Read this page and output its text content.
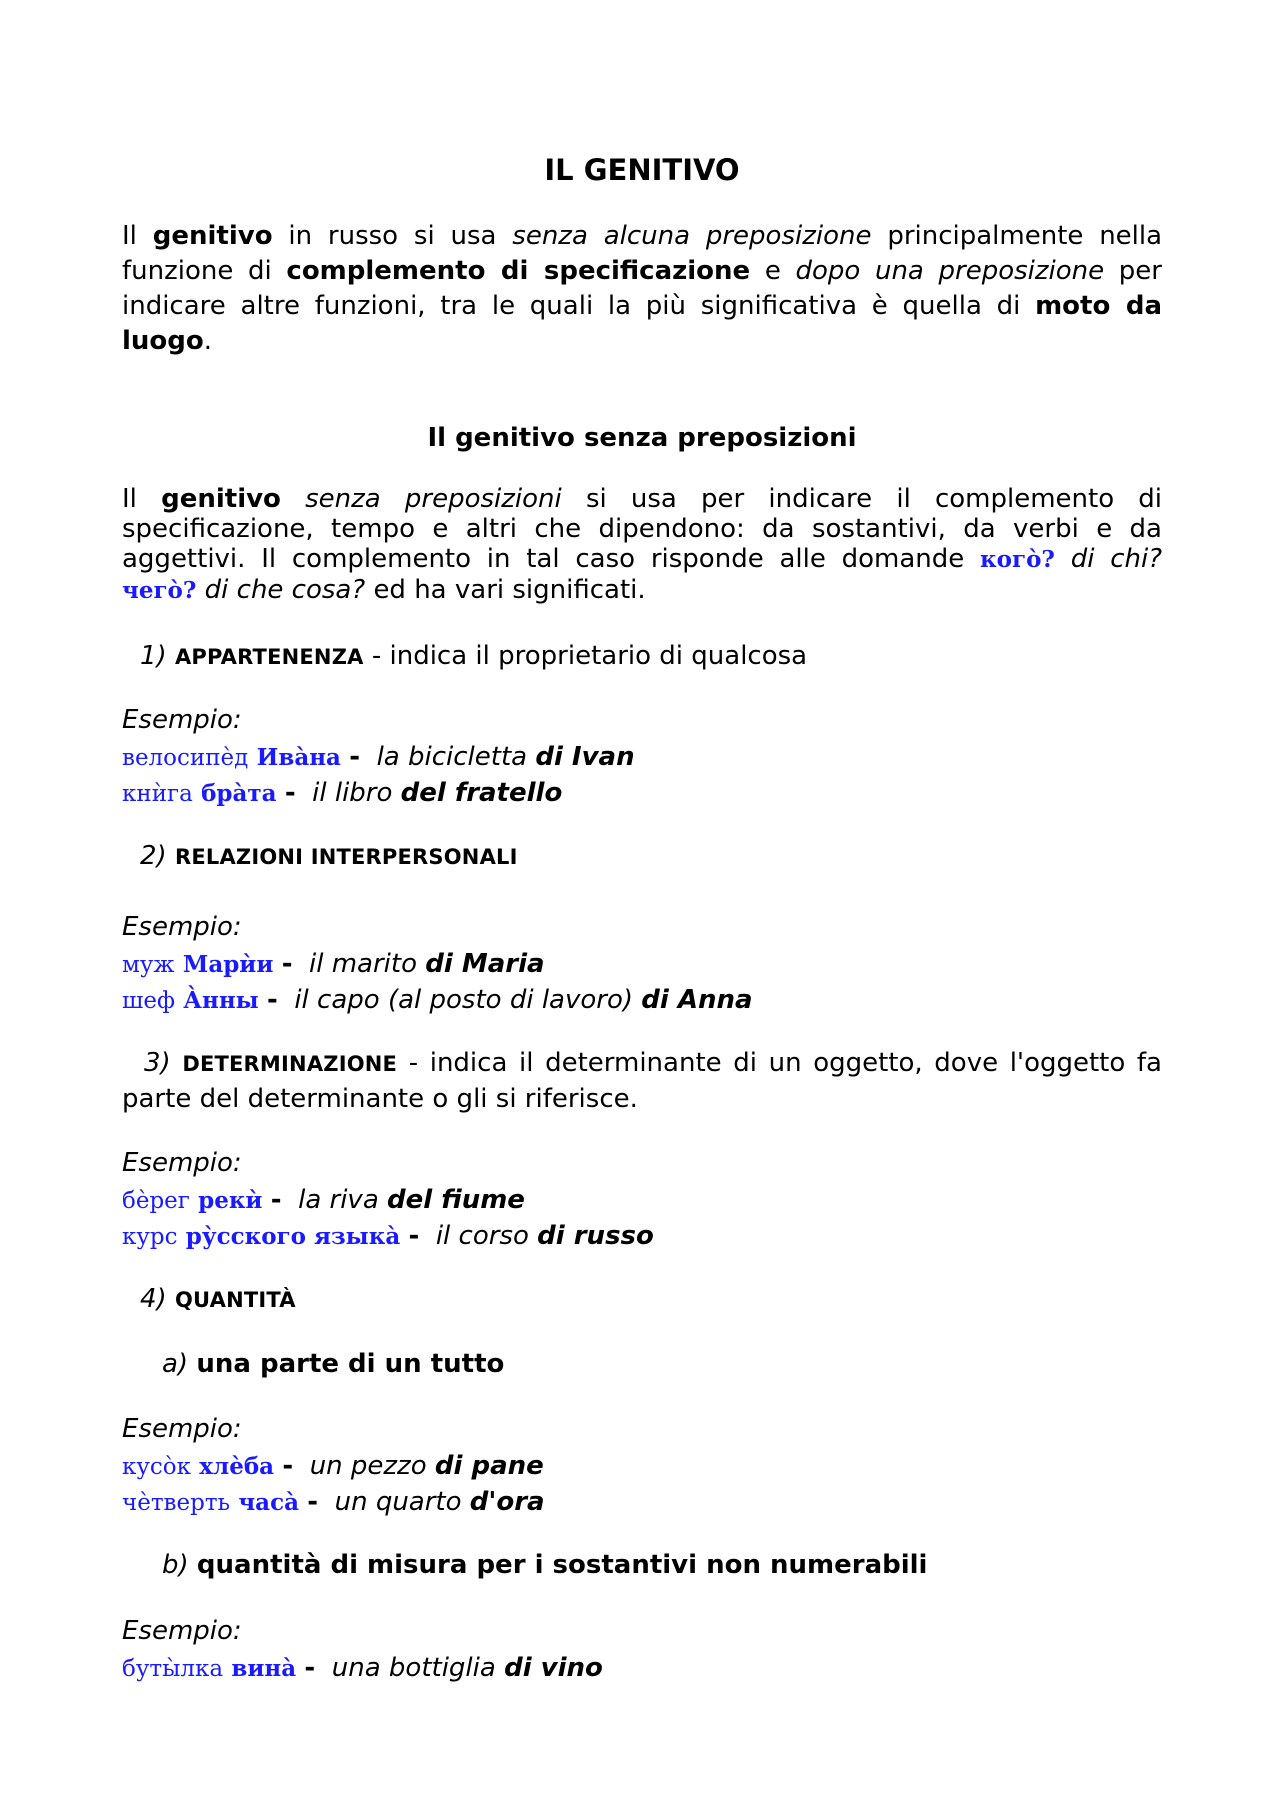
IL GENITIVO

Il genitivo in russo si usa senza alcuna preposizione principalmente nella funzione di complemento di specificazione e dopo una preposizione per indicare altre funzioni, tra le quali la più significativa è quella di moto da luogo.

Il genitivo senza preposizioni

Il genitivo senza preposizioni si usa per indicare il complemento di specificazione, tempo e altri che dipendono: da sostantivi, da verbi e da aggettivi. Il complemento in tal caso risponde alle domande кого̀? di chi? чего̀? di che cosa? ed ha vari significati.

1) APPARTENENZA - indica il proprietario di qualcosa

Esempio:

велосипѐд Ива̀на - la bicicletta di Ivan

кнѝга бра̀та - il libro del fratello

2) RELAZIONI INTERPERSONALI

Esempio:

муж Марѝи - il marito di Maria

шеф А̀нны - il capo (al posto di lavoro) di Anna

3) DETERMINAZIONE - indica il determinante di un oggetto, dove l'oggetto fa parte del determinante o gli si riferisce.

Esempio:

бѐрег рекѝ - la riva del fiume

курс ру̀сского языка̀ - il corso di russo

4) QUANTITÀ

a) una parte di un tutto

Esempio:

кусо̀к хлѐба - un pezzo di pane

чѐтверть часа̀ - un quarto d'ora

b) quantità di misura per i sostantivi non numerabili

Esempio:

буты̀лка вина̀ - una bottiglia di vino
